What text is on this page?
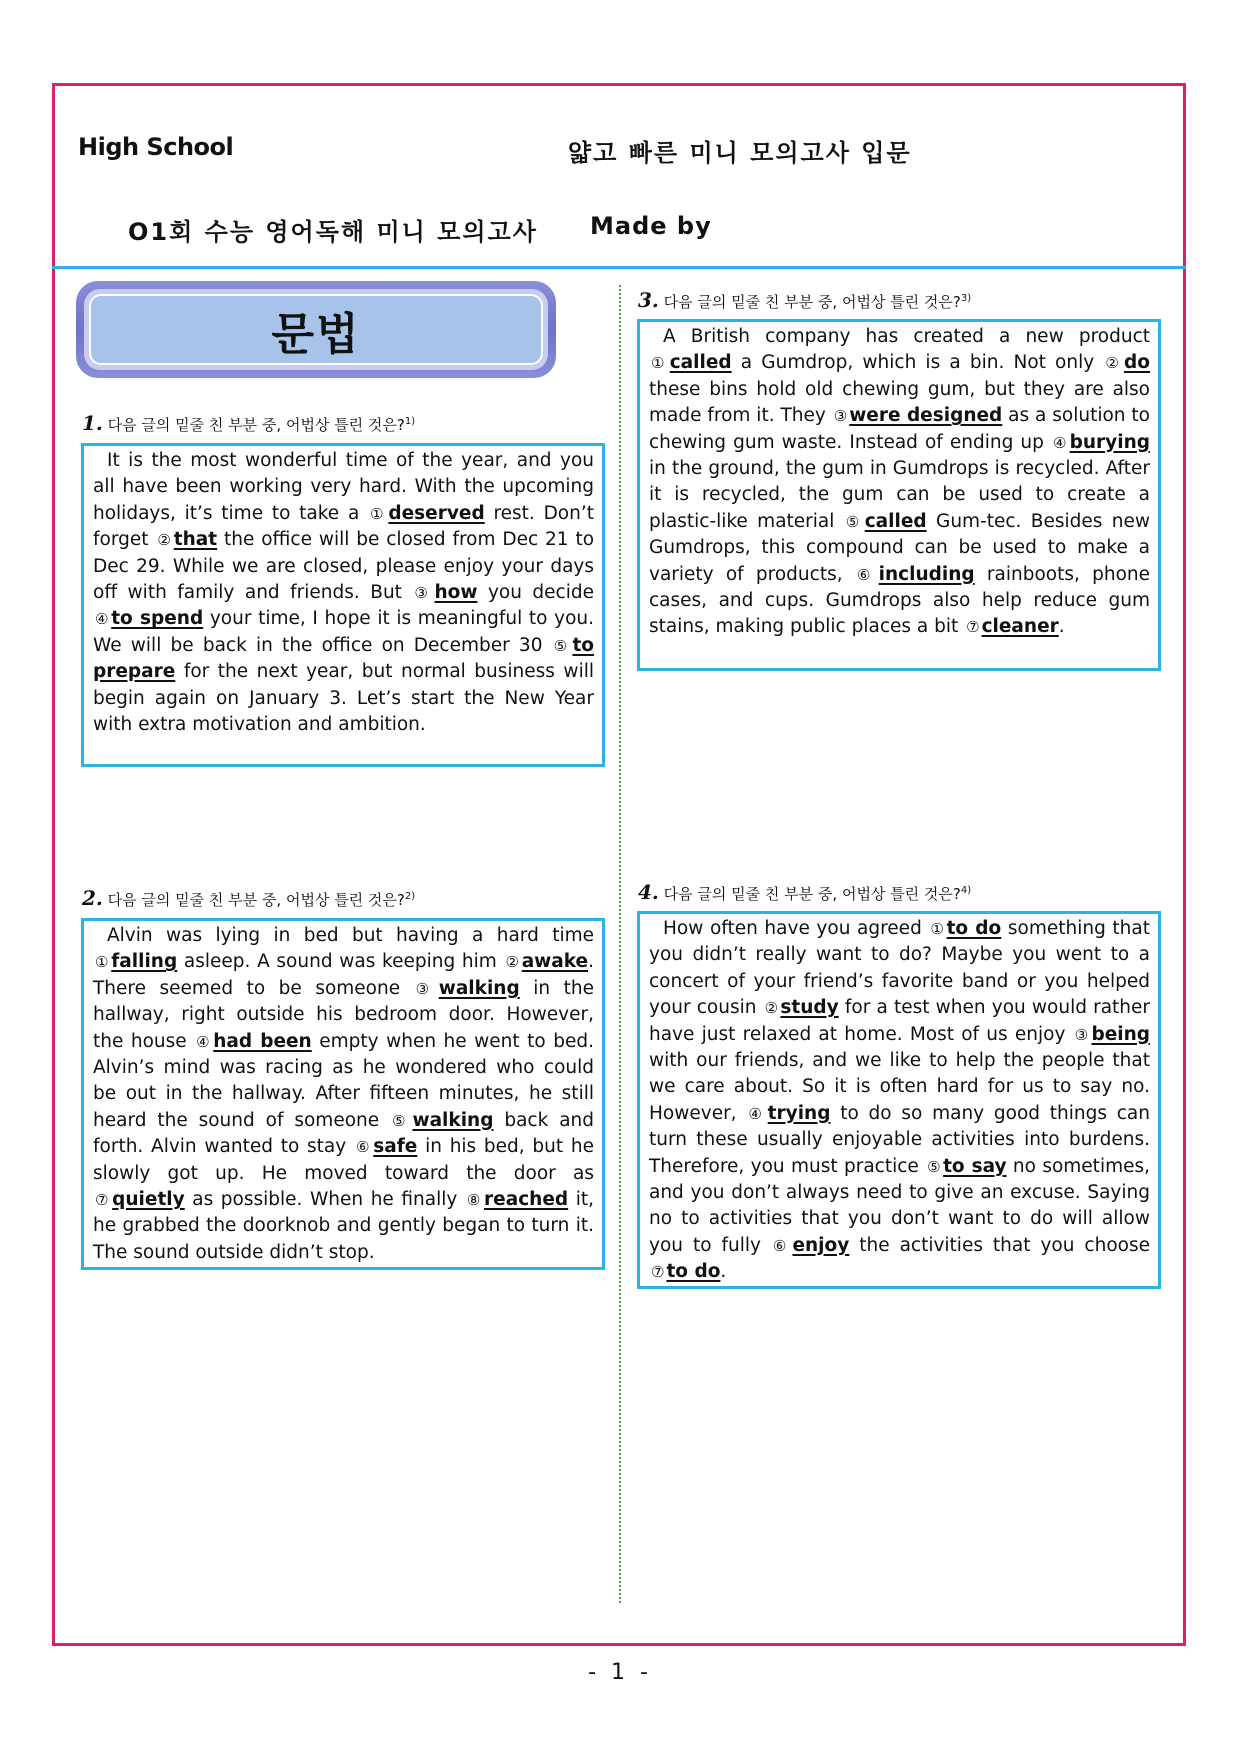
High School	얇고 빠른 미니 모의고사 입문
O1회 수능 영어독해 미니 모의고사 Made by
문법
1. 다음 글의 밑줄 친 부분 중, 어법상 틀린 것은?$^{1)}$

It is the most wonderful time of the year, and you all have been working very hard. With the upcoming holidays, it’s time to take a ① deserved rest. Don’t forget ② that the office will be closed from Dec 21 to Dec 29. While we are closed, please enjoy your days off with family and friends. But ③ how you decide ④ to spend your time, I hope it is meaningful to you. We will be back in the office on December 30 ⑤ to prepare for the next year, but normal business will begin again on January 3. Let’s start the New Year with extra motivation and ambition.

2. 다음 글의 밑줄 친 부분 중, 어법상 틀린 것은?$^{2)}$

Alvin was lying in bed but having a hard time ① falling asleep. A sound was keeping him ② awake. There seemed to be someone ③ walking in the hallway, right outside his bedroom door. However, the house ④ had been empty when he went to bed. Alvin’s mind was racing as he wondered who could be out in the hallway. After fifteen minutes, he still heard the sound of someone ⑤ walking back and forth. Alvin wanted to stay ⑥ safe in his bed, but he slowly got up. He moved toward the door as ⑦ quietly as possible. When he finally ⑧ reached it, he grabbed the doorknob and gently began to turn it. The sound outside didn’t stop.

3. 다음 글의 밑줄 친 부분 중, 어법상 틀린 것은?$^{3)}$

A British company has created a new product ① called a Gumdrop, which is a bin. Not only ② do these bins hold old chewing gum, but they are also made from it. They ③ were designed as a solution to chewing gum waste. Instead of ending up ④ burying in the ground, the gum in Gumdrops is recycled. After it is recycled, the gum can be used to create a plastic-like material ⑤ called Gum-tec. Besides new Gumdrops, this compound can be used to make a variety of products, ⑥ including rainboots, phone cases, and cups. Gumdrops also help reduce gum stains, making public places a bit ⑦ cleaner.

4. 다음 글의 밑줄 친 부분 중, 어법상 틀린 것은?$^{4)}$

How often have you agreed ① to do something that you didn’t really want to do? Maybe you went to a concert of your friend’s favorite band or you helped your cousin ② study for a test when you would rather have just relaxed at home. Most of us enjoy ③ being with our friends, and we like to help the people that we care about. So it is often hard for us to say no. However, ④ trying to do so many good things can turn these usually enjoyable activities into burdens. Therefore, you must practice ⑤ to say no sometimes, and you don’t always need to give an excuse. Saying no to activities that you don’t want to do will allow you to fully ⑥ enjoy the activities that you choose ⑦ to do.

- 1 -
